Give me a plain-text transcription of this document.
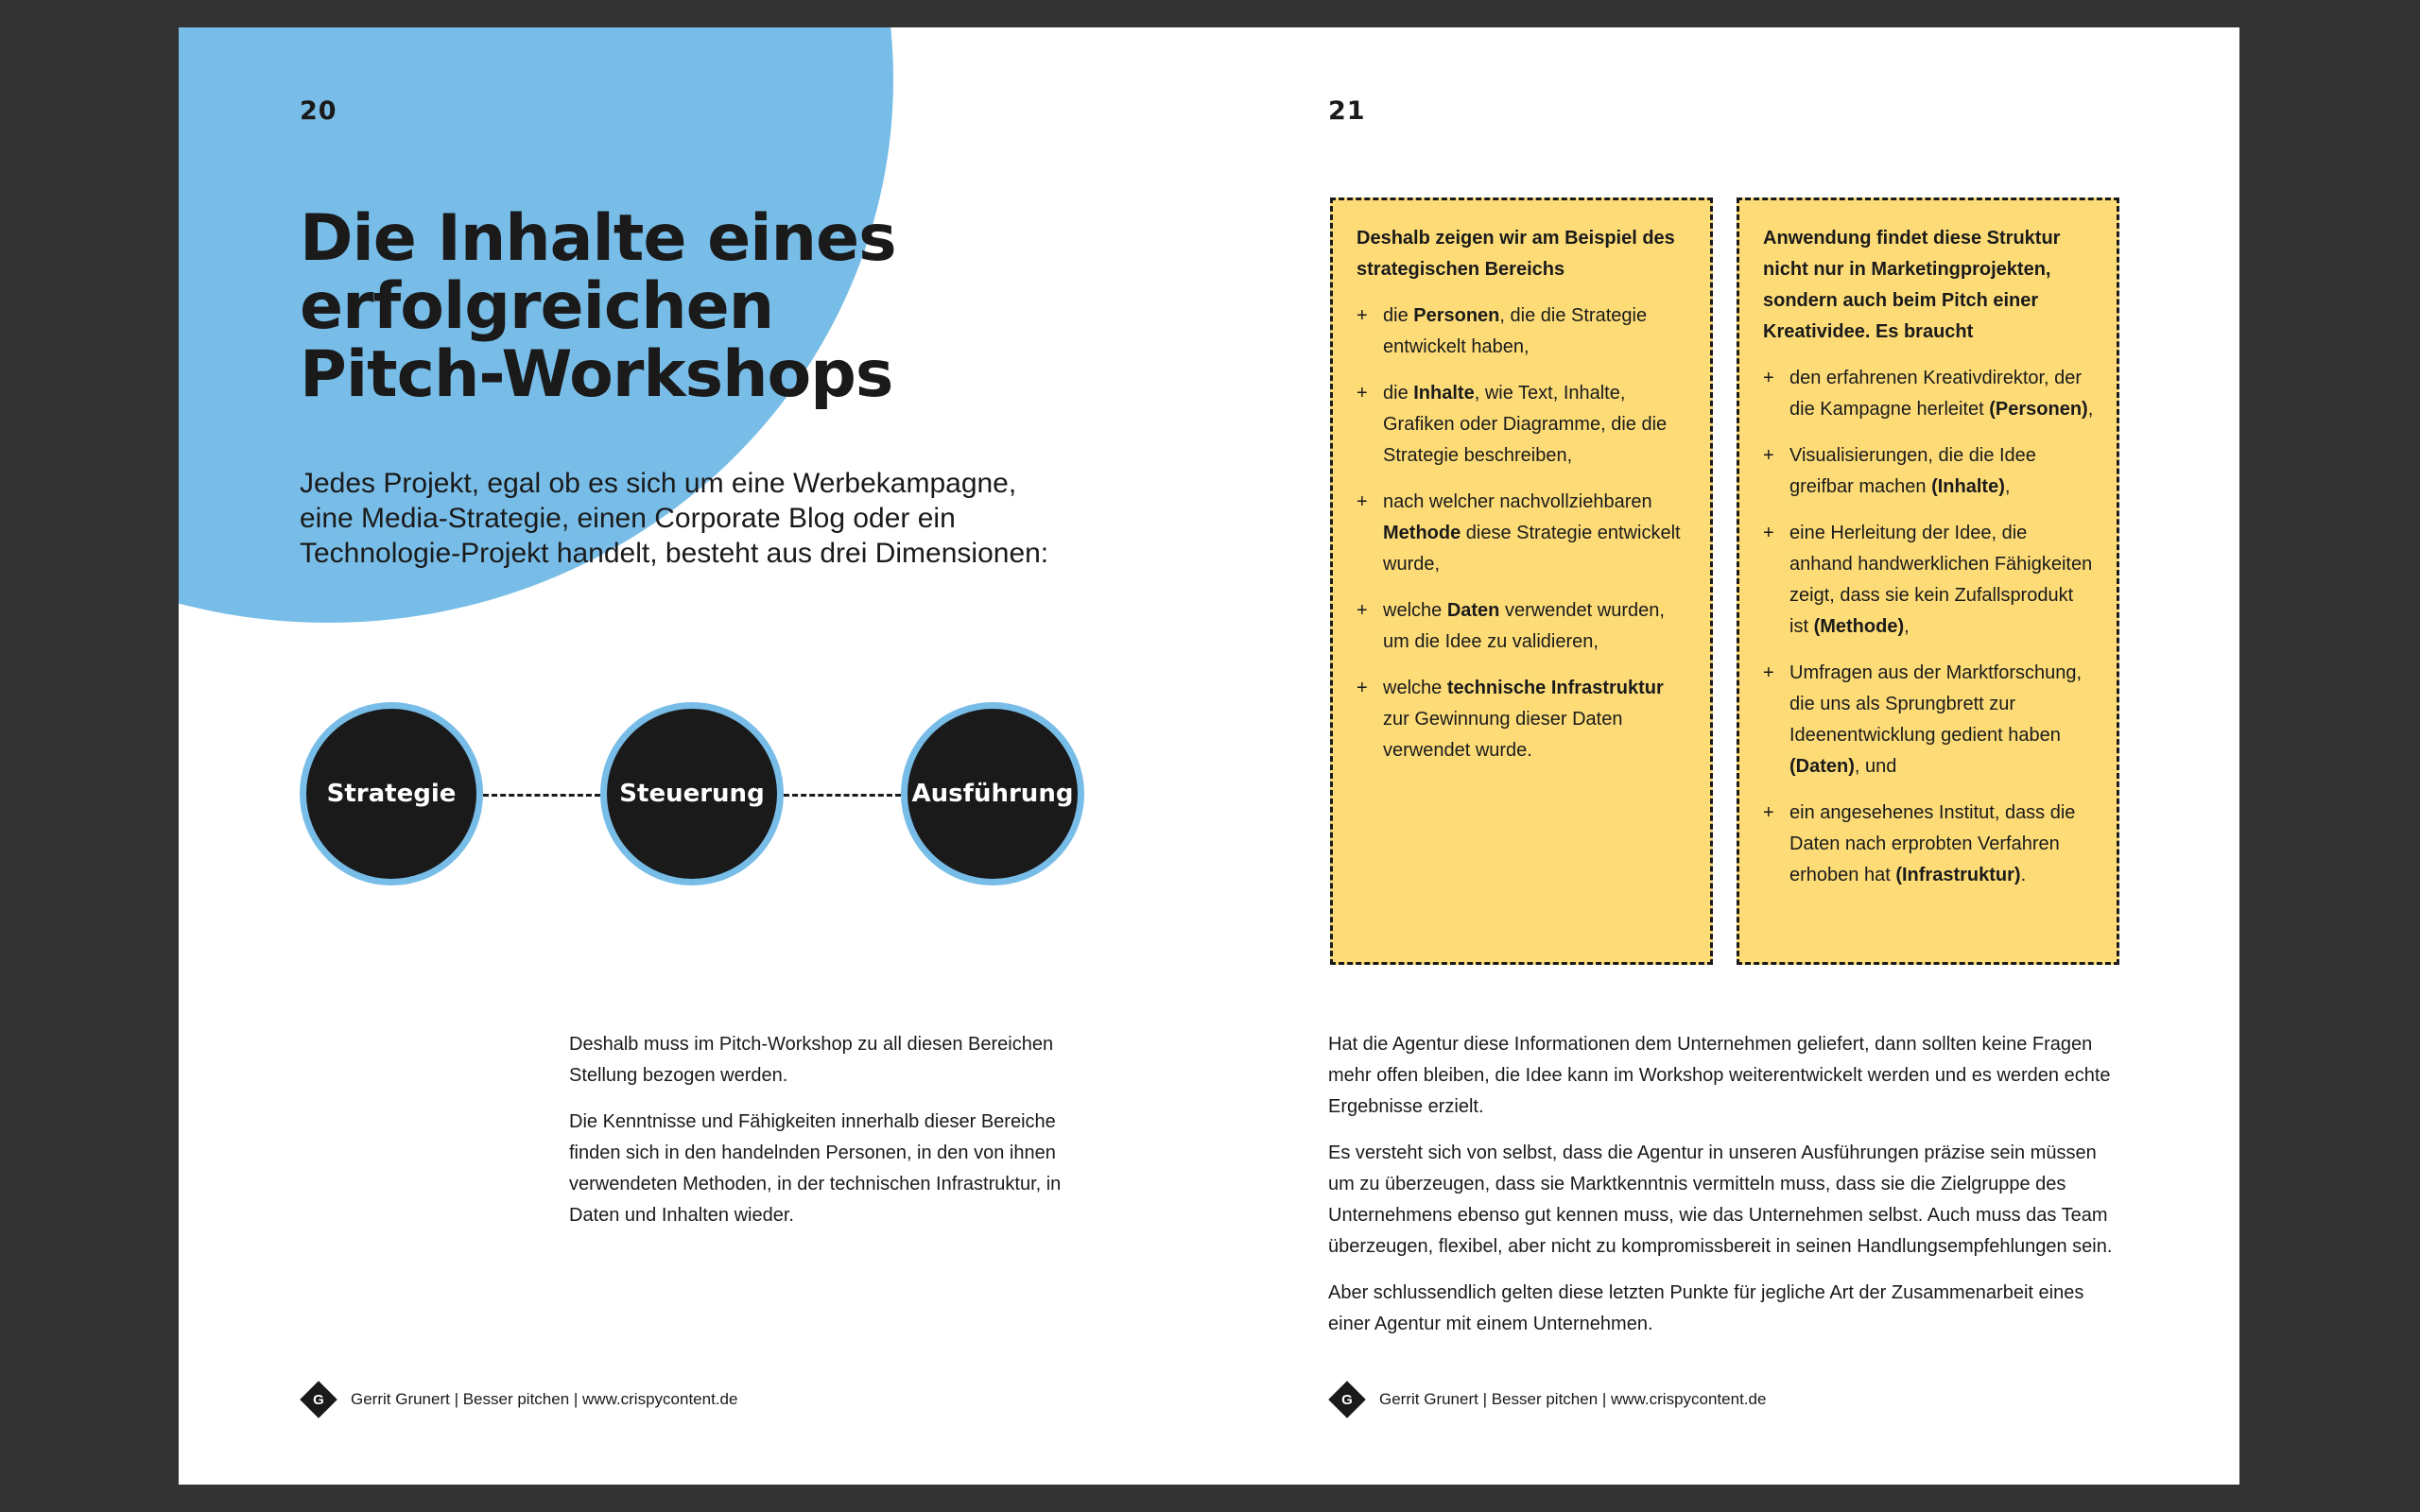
20
Die Inhalte eines
erfolgreichen
Pitch-Workshops

Jedes Projekt, egal ob es sich um eine Werbekampagne, eine Media-Strategie, einen Corporate Blog oder ein Technologie-Projekt handelt, besteht aus drei Dimensionen:

Strategie	Steuerung	Ausführung

Deshalb muss im Pitch-Workshop zu all diesen Bereichen Stellung bezogen werden.

Die Kenntnisse und Fähigkeiten innerhalb dieser Bereiche finden sich in den handelnden Personen, in den von ihnen verwendeten Methoden, in der technischen Infrastruktur, in Daten und Inhalten wieder.

G	Gerrit Grunert | Besser pitchen | www.crispycontent.de
21

Deshalb zeigen wir am Beispiel des strategischen Bereichs

+ die Personen, die die Strategie entwickelt haben,
+ die Inhalte, wie Text, Inhalte, Grafiken oder Diagramme, die die Strategie beschreiben,
+ nach welcher nachvollziehbaren Methode diese Strategie entwickelt wurde,
+ welche Daten verwendet wurden, um die Idee zu validieren,
+ welche technische Infrastruktur zur Gewinnung dieser Daten verwendet wurde.

Anwendung findet diese Struktur nicht nur in Marketingprojekten, sondern auch beim Pitch einer Kreatividee. Es braucht

+ den erfahrenen Kreativdirektor, der die Kampagne herleitet (Personen),
+ Visualisierungen, die die Idee greifbar machen (Inhalte),
+ eine Herleitung der Idee, die anhand handwerklichen Fähigkeiten zeigt, dass sie kein Zufallsprodukt ist (Methode),
+ Umfragen aus der Marktforschung, die uns als Sprungbrett zur Ideenentwicklung gedient haben (Daten), und
+ ein angesehenes Institut, dass die Daten nach erprobten Verfahren erhoben hat (Infrastruktur).

Hat die Agentur diese Informationen dem Unternehmen geliefert, dann sollten keine Fragen mehr offen bleiben, die Idee kann im Workshop weiterentwickelt werden und es werden echte Ergebnisse erzielt.

Es versteht sich von selbst, dass die Agentur in unseren Ausführungen präzise sein müssen um zu überzeugen, dass sie Marktkenntnis vermitteln muss, dass sie die Zielgruppe des Unternehmens ebenso gut kennen muss, wie das Unternehmen selbst. Auch muss das Team überzeugen, flexibel, aber nicht zu kompromissbereit in seinen Handlungsempfehlungen sein.

Aber schlussendlich gelten diese letzten Punkte für jegliche Art der Zusammenarbeit eines einer Agentur mit einem Unternehmen.

G	Gerrit Grunert | Besser pitchen | www.crispycontent.de
